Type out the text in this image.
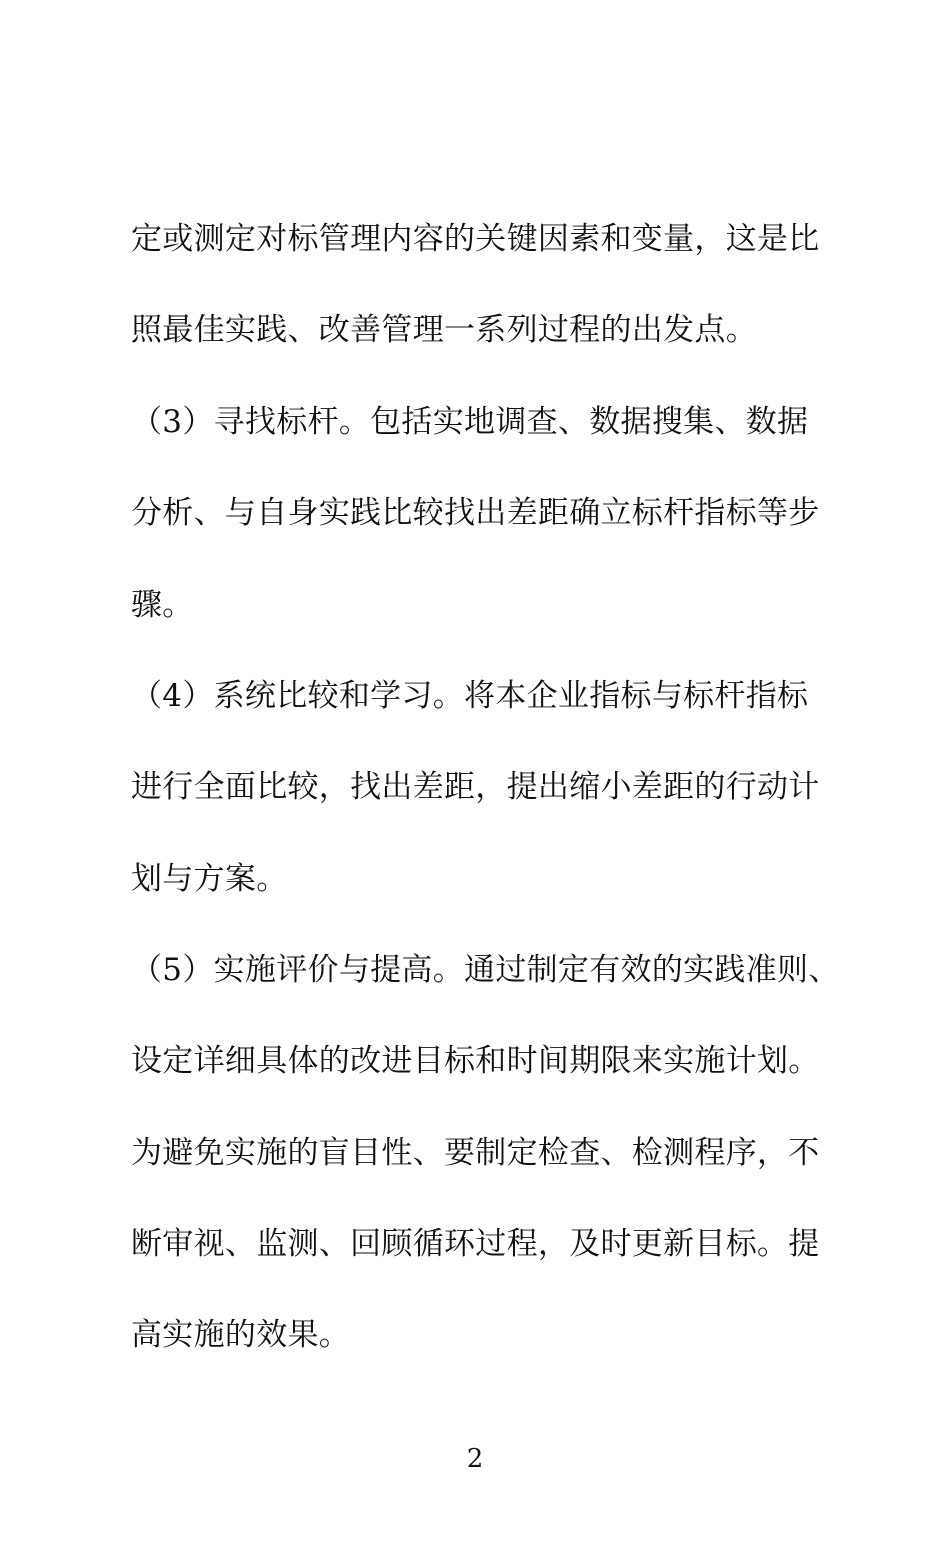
定或测定对标管理内容的关键因素和变量，这是比
照最佳实践、改善管理一系列过程的出发点。
（3）寻找标杆。包括实地调查、数据搜集、数据
分析、与自身实践比较找出差距确立标杆指标等步
骤。
（4）系统比较和学习。将本企业指标与标杆指标
进行全面比较，找出差距，提出缩小差距的行动计
划与方案。
（5）实施评价与提高。通过制定有效的实践准则、
设定详细具体的改进目标和时间期限来实施计划。
为避免实施的盲目性、要制定检查、检测程序，不
断审视、监测、回顾循环过程，及时更新目标。提
高实施的效果。
2
